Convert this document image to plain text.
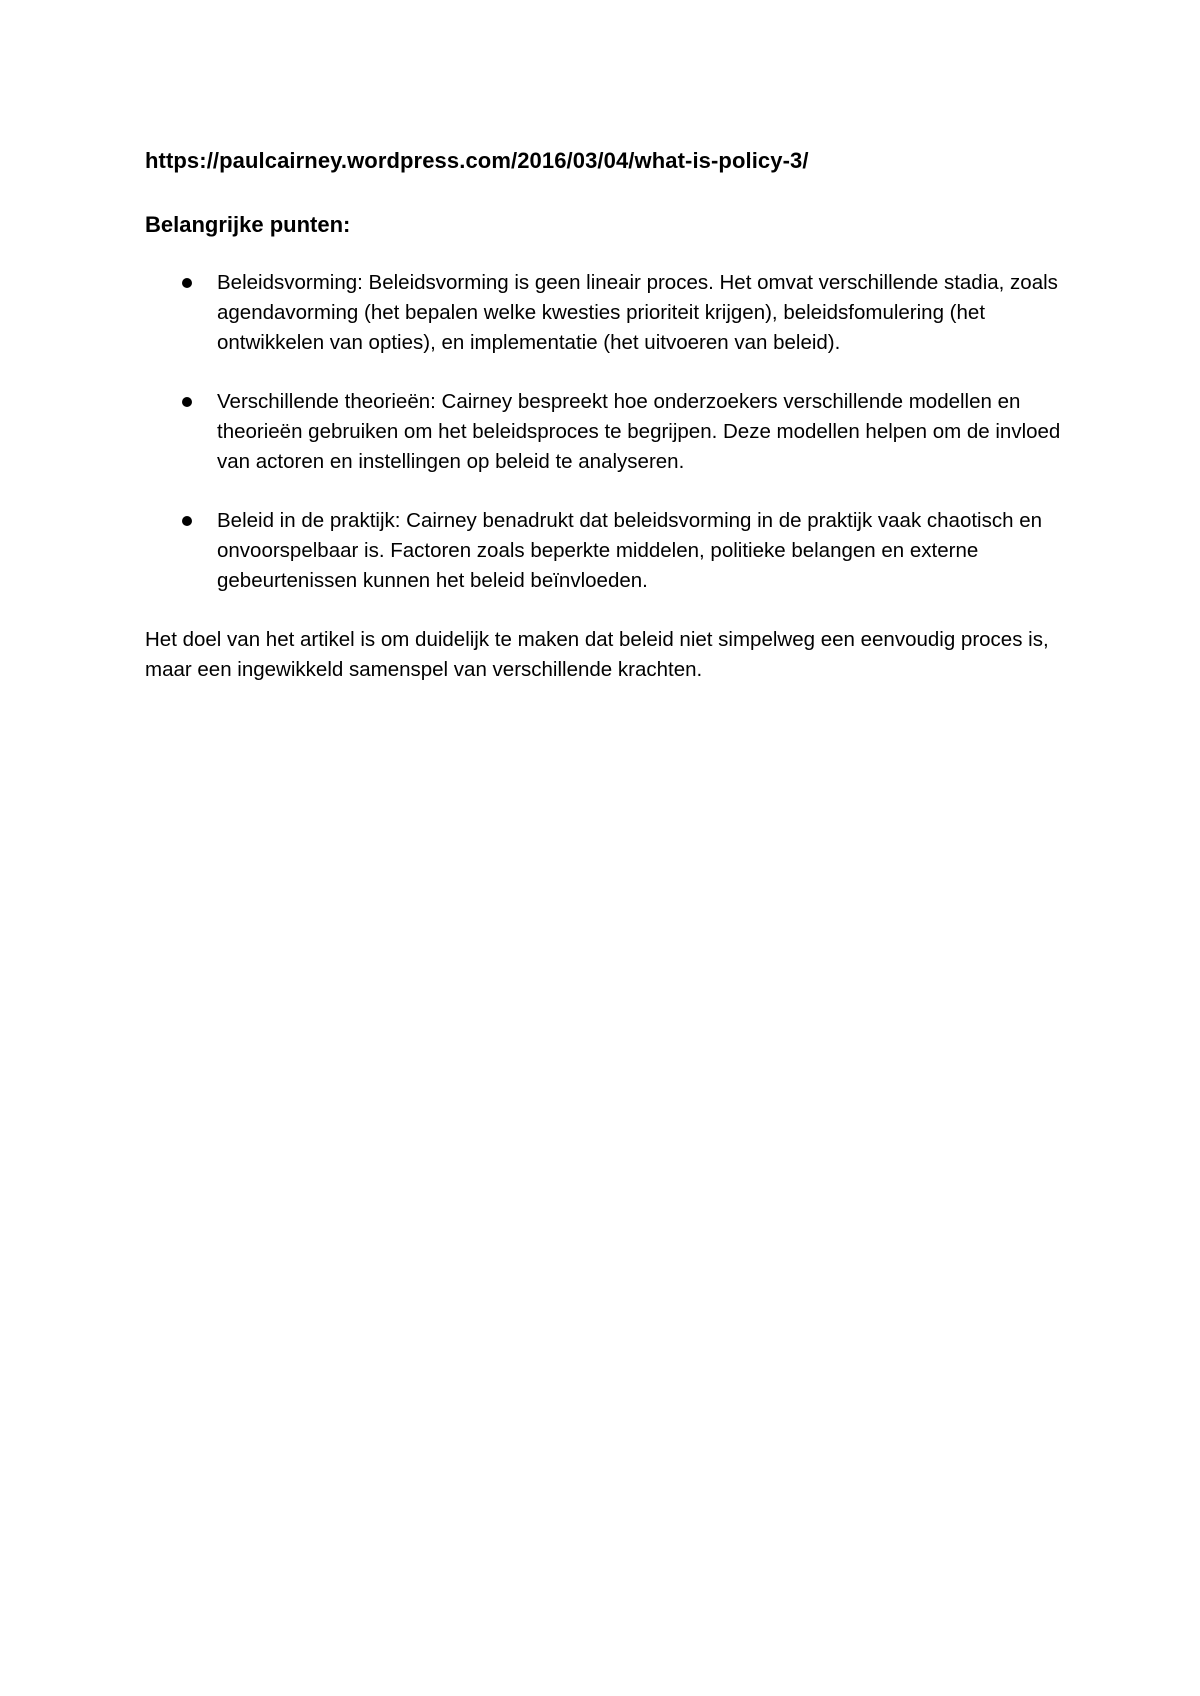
https://paulcairney.wordpress.com/2016/03/04/what-is-policy-3/

Belangrijke punten:

Beleidsvorming: Beleidsvorming is geen lineair proces. Het omvat verschillende stadia, zoals agendavorming (het bepalen welke kwesties prioriteit krijgen), beleidsfomulering (het ontwikkelen van opties), en implementatie (het uitvoeren van beleid).
Verschillende theorieën: Cairney bespreekt hoe onderzoekers verschillende modellen en theorieën gebruiken om het beleidsproces te begrijpen. Deze modellen helpen om de invloed van actoren en instellingen op beleid te analyseren.
Beleid in de praktijk: Cairney benadrukt dat beleidsvorming in de praktijk vaak chaotisch en onvoorspelbaar is. Factoren zoals beperkte middelen, politieke belangen en externe gebeurtenissen kunnen het beleid beïnvloeden.

Het doel van het artikel is om duidelijk te maken dat beleid niet simpelweg een eenvoudig proces is, maar een ingewikkeld samenspel van verschillende krachten.
